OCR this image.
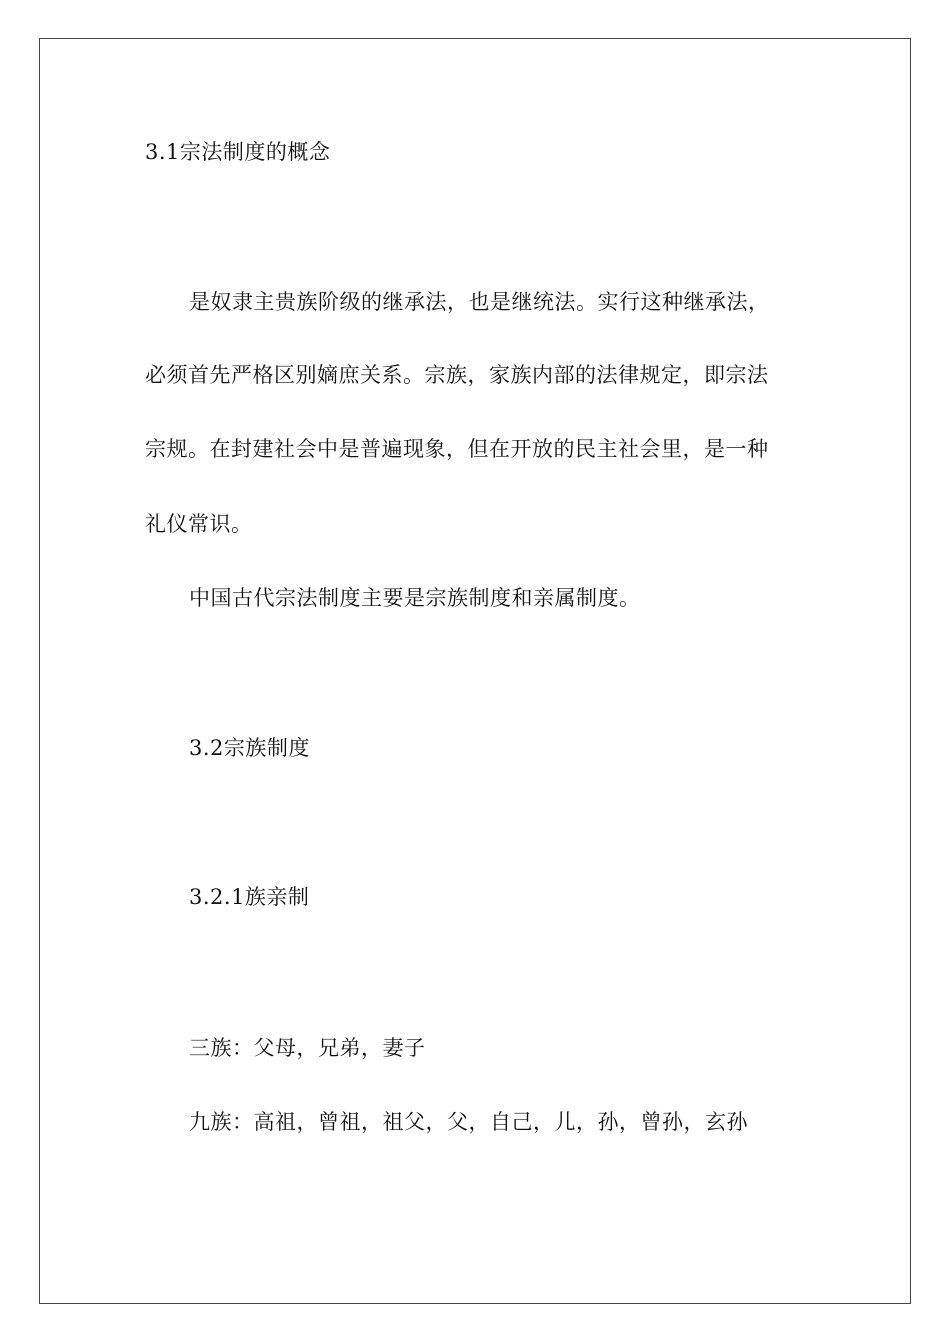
3.1宗法制度的概念
是奴隶主贵族阶级的继承法，也是继统法。实行这种继承法，
必须首先严格区别嫡庶关系。宗族，家族内部的法律规定，即宗法
宗规。在封建社会中是普遍现象，但在开放的民主社会里，是一种
礼仪常识。
中国古代宗法制度主要是宗族制度和亲属制度。
3.2宗族制度
3.2.1族亲制
三族：父母，兄弟，妻子
九族：高祖，曾祖，祖父，父，自己，儿，孙，曾孙，玄孙
